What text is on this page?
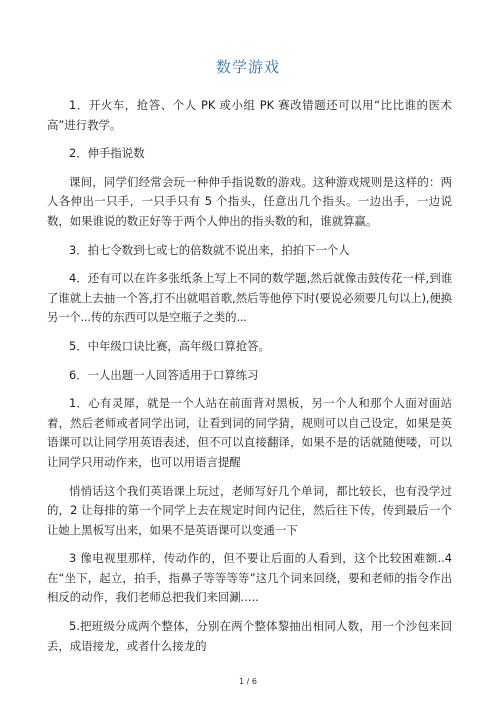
数学游戏

1．开火车，抢答、个人 PK 或小组 PK 赛改错题还可以用“比比谁的医术高”进行教学。

2．伸手指说数

课间，同学们经常会玩一种伸手指说数的游戏。这种游戏规则是这样的：两人各伸出一只手，一只手只有 5 个指头，任意出几个指头。一边出手，一边说数，如果谁说的数正好等于两个人伸出的指头数的和，谁就算赢。

3．拍七令数到七或七的倍数就不说出来，拍拍下一个人

4．还有可以在许多张纸条上写上不同的数学题,然后就像击鼓传花一样,到谁了谁就上去抽一个答,打不出就唱首歌,然后等他停下时(要说必须要几句以上),便换另一个...传的东西可以是空瓶子之类的...

5．中年级口诀比赛，高年级口算抢答。

6．一人出题一人回答适用于口算练习

1．心有灵犀，就是一个人站在前面背对黑板，另一个人和那个人面对面站着，然后老师或者同学出词，让看到词的同学猜，规则可以自己设定，如果是英语课可以让同学用英语表述，但不可以直接翻译，如果不是的话就随便喽，可以让同学只用动作来，也可以用语言提醒

悄悄话这个我们英语课上玩过，老师写好几个单词，都比较长，也有没学过的，2 让每排的第一个同学上去在规定时间内记住，然后往下传，传到最后一个让她上黑板写出来，如果不是英语课可以变通一下

3 像电视里那样，传动作的，但不要让后面的人看到，这个比较困难额..4 在“坐下，起立，拍手，指鼻子等等等等”这几个词来回绕，要和老师的指令作出相反的动作，我们老师总把我们来回涮.....

5.把班级分成两个整体，分别在两个整体黎抽出相同人数，用一个沙包来回丢，成语接龙，或者什么接龙的

1 / 6
